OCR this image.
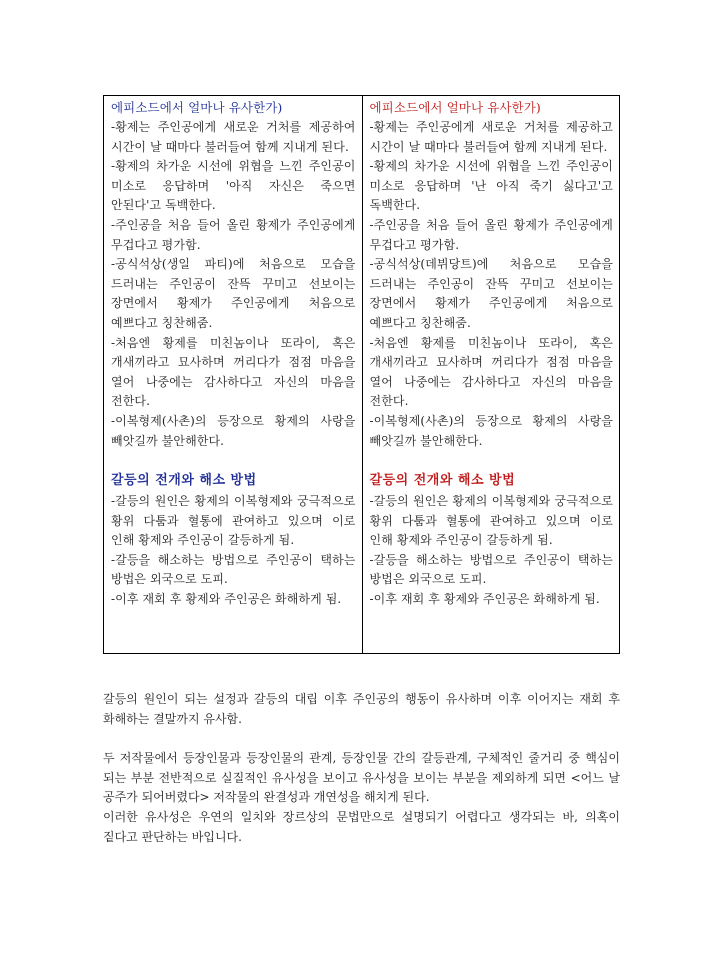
에피소드에서 얼마나 유사한가)

-황제는 주인공에게 새로운 거처를 제공하여 시간이 날 때마다 불러들여 함께 지내게 된다.

-황제의 차가운 시선에 위협을 느낀 주인공이 미소로 응답하며 '아직 자신은 죽으면 안된다'고 독백한다.

-주인공을 처음 들어 올린 황제가 주인공에게 무겁다고 평가함.

-공식석상(생일 파티)에 처음으로 모습을 드러내는 주인공이 잔뜩 꾸미고 선보이는 장면에서 황제가 주인공에게 처음으로 예쁘다고 칭찬해줌.

-처음엔 황제를 미친놈이나 또라이, 혹은 개새끼라고 묘사하며 꺼리다가 점점 마음을 열어 나중에는 감사하다고 자신의 마음을 전한다.

-이복형제(사촌)의 등장으로 황제의 사랑을 빼앗길까 불안해한다.

갈등의 전개와 해소 방법

-갈등의 원인은 황제의 이복형제와 궁극적으로 황위 다툼과 혈통에 관여하고 있으며 이로 인해 황제와 주인공이 갈등하게 됨.

-갈등을 해소하는 방법으로 주인공이 택하는 방법은 외국으로 도피.

-이후 재회 후 황제와 주인공은 화해하게 됨.

에피소드에서 얼마나 유사한가)

-황제는 주인공에게 새로운 거처를 제공하고 시간이 날 때마다 불러들여 함께 지내게 된다.

-황제의 차가운 시선에 위협을 느낀 주인공이 미소로 응답하며 '난 아직 죽기 싫다고'고 독백한다.

-주인공을 처음 들어 올린 황제가 주인공에게 무겁다고 평가함.

-공식석상(데뷔당트)에 처음으로 모습을 드러내는 주인공이 잔뜩 꾸미고 선보이는 장면에서 황제가 주인공에게 처음으로 예쁘다고 칭찬해줌.

-처음엔 황제를 미친놈이나 또라이, 혹은 개새끼라고 묘사하며 꺼리다가 점점 마음을 열어 나중에는 감사하다고 자신의 마음을 전한다.

-이복형제(사촌)의 등장으로 황제의 사랑을 빼앗길까 불안해한다.

갈등의 전개와 해소 방법

-갈등의 원인은 황제의 이복형제와 궁극적으로 황위 다툼과 혈통에 관여하고 있으며 이로 인해 황제와 주인공이 갈등하게 됨.

-갈등을 해소하는 방법으로 주인공이 택하는 방법은 외국으로 도피.

-이후 재회 후 황제와 주인공은 화해하게 됨.

갈등의 원인이 되는 설정과 갈등의 대립 이후 주인공의 행동이 유사하며 이후 이어지는 재회 후 화해하는 결말까지 유사함.

두 저작물에서 등장인물과 등장인물의 관계, 등장인물 간의 갈등관계, 구체적인 줄거리 중 핵심이 되는 부분 전반적으로 실질적인 유사성을 보이고 유사성을 보이는 부분을 제외하게 되면 <어느 날 공주가 되어버렸다> 저작물의 완결성과 개연성을 해치게 된다.

이러한 유사성은 우연의 일치와 장르상의 문법만으로 설명되기 어렵다고 생각되는 바, 의혹이 짙다고 판단하는 바입니다.
